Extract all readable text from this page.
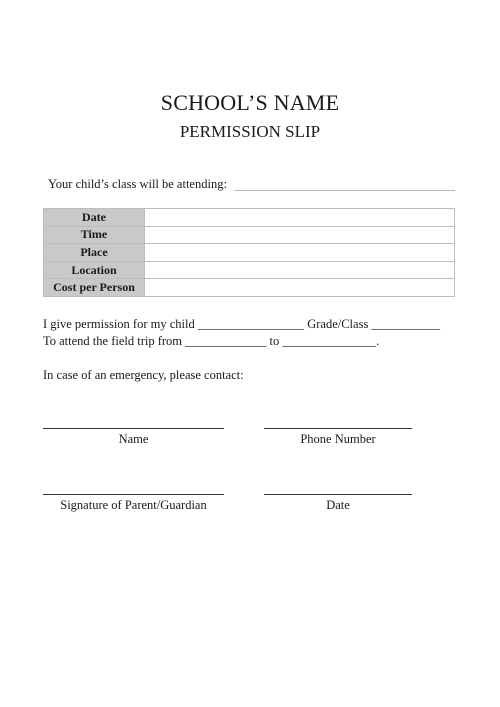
SCHOOL’S NAME
PERMISSION SLIP
Your child’s class will be attending:
Date	
Time	
Place	
Location	
Cost per Person	
I give permission for my child _________________ Grade/Class ___________
To attend the field trip from _____________ to _______________.
In case of an emergency, please contact:
Name	Phone Number
Signature of Parent/Guardian	Date
